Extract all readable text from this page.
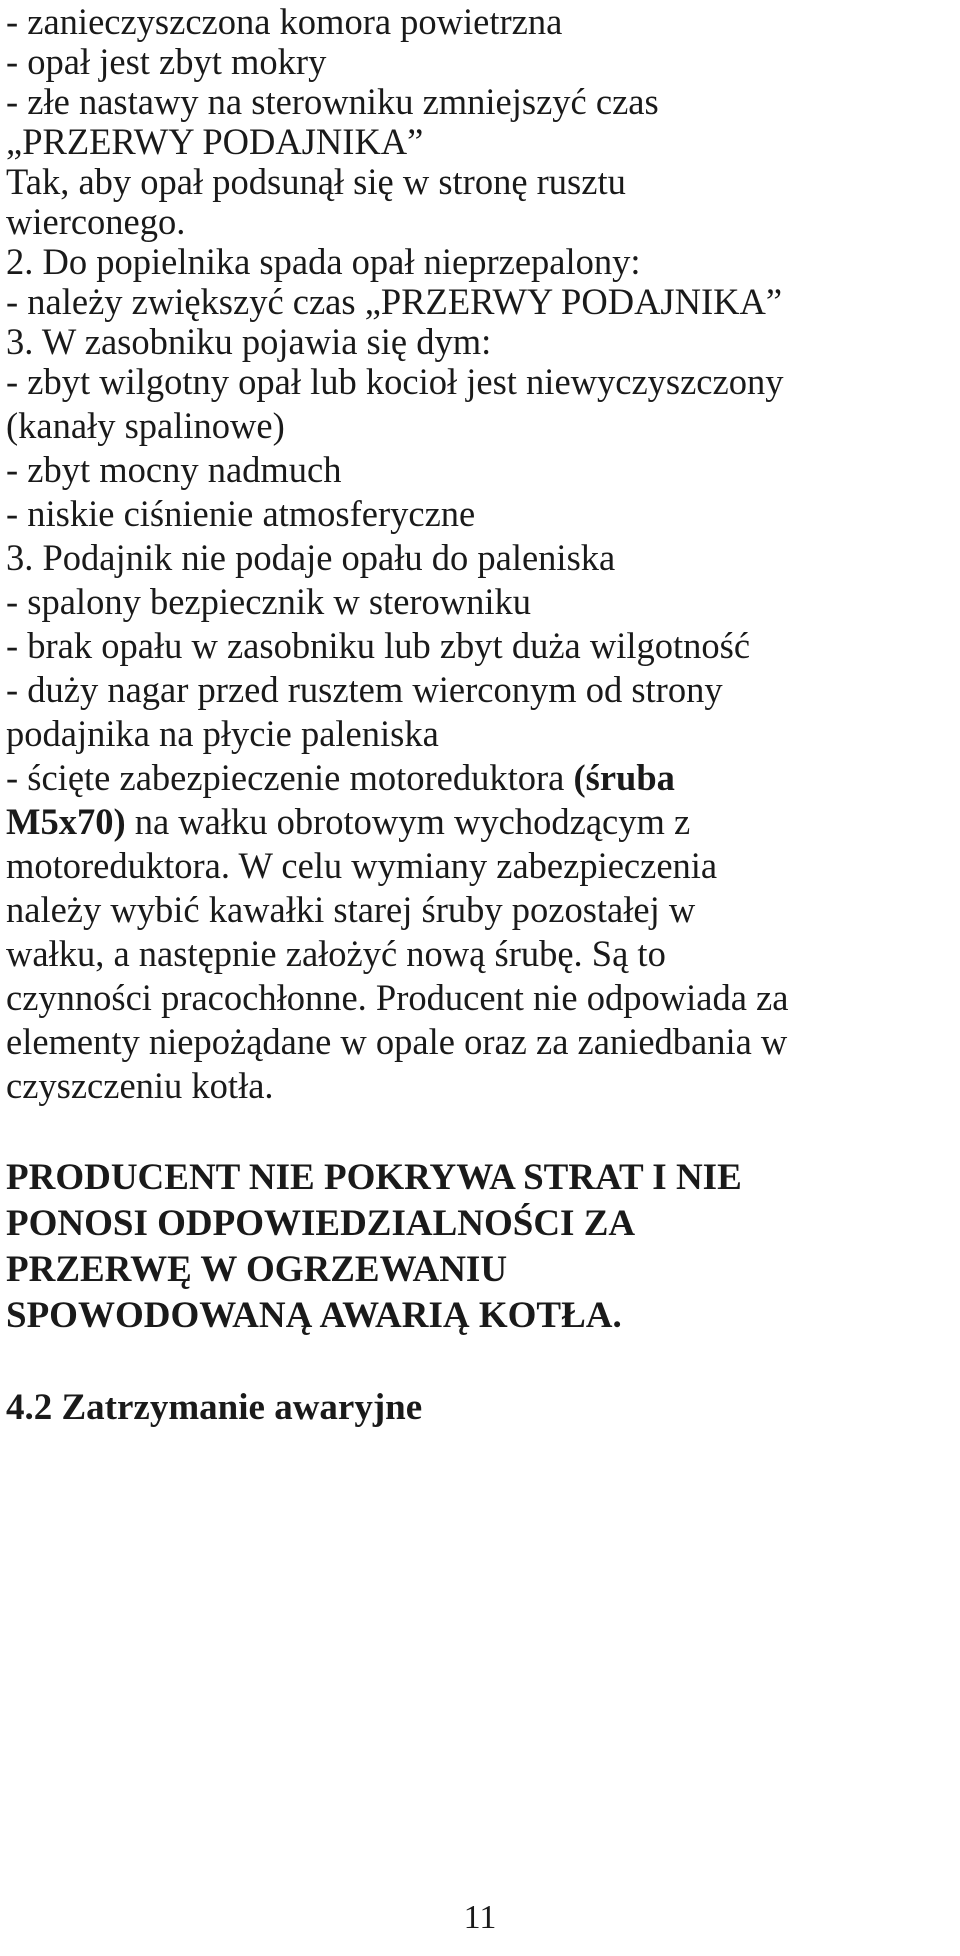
- zanieczyszczona komora powietrzna
- opał jest zbyt mokry
- złe nastawy na sterowniku zmniejszyć czas
„PRZERWY PODAJNIKA”
Tak, aby opał podsunął się w stronę rusztu
wierconego.
2. Do popielnika spada opał nieprzepalony:
- należy zwiększyć czas „PRZERWY PODAJNIKA”
3. W zasobniku pojawia się dym:
- zbyt wilgotny opał lub kocioł jest niewyczyszczony
(kanały spalinowe)
- zbyt mocny nadmuch
- niskie ciśnienie atmosferyczne
3. Podajnik nie podaje opału do paleniska
- spalony bezpiecznik w sterowniku
- brak opału w zasobniku lub zbyt duża wilgotność
- duży nagar przed rusztem wierconym od strony
podajnika na płycie paleniska
- ścięte zabezpieczenie motoreduktora (śruba
M5x70) na wałku obrotowym wychodzącym z
motoreduktora. W celu wymiany zabezpieczenia
należy wybić kawałki starej śruby pozostałej w
wałku, a następnie założyć nową śrubę. Są to
czynności pracochłonne. Producent nie odpowiada za
elementy niepożądane w opale oraz za zaniedbania w
czyszczeniu kotła.
PRODUCENT NIE POKRYWA STRAT I NIE
PONOSI ODPOWIEDZIALNOŚCI ZA
PRZERWĘ W OGRZEWANIU
SPOWODOWANĄ AWARIĄ KOTŁA.
4.2 Zatrzymanie awaryjne
11
